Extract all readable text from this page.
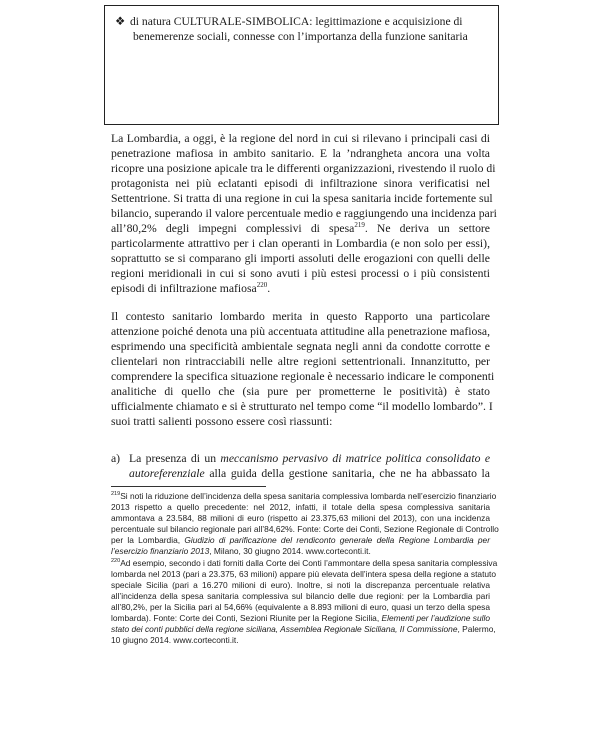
❖ di natura CULTURALE-SIMBOLICA: legittimazione e acquisizione di
benemerenze sociali, connesse con l’importanza della funzione sanitaria
La Lombardia, a oggi, è la regione del nord in cui si rilevano i principali casi di
penetrazione mafiosa in ambito sanitario. E la ’ndrangheta ancora una volta
ricopre una posizione apicale tra le differenti organizzazioni, rivestendo il ruolo di
protagonista nei più eclatanti episodi di infiltrazione sinora verificatisi nel
Settentrione. Si tratta di una regione in cui la spesa sanitaria incide fortemente sul
bilancio, superando il valore percentuale medio e raggiungendo una incidenza pari
all’80,2% degli impegni complessivi di spesa$^{219}$. Ne deriva un settore
particolarmente attrattivo per i clan operanti in Lombardia (e non solo per essi),
soprattutto se si comparano gli importi assoluti delle erogazioni con quelli delle
regioni meridionali in cui si sono avuti i più estesi processi o i più consistenti
episodi di infiltrazione mafiosa$^{220}$.
Il contesto sanitario lombardo merita in questo Rapporto una particolare
attenzione poiché denota una più accentuata attitudine alla penetrazione mafiosa,
esprimendo una specificità ambientale segnata negli anni da condotte corrotte e
clientelari non rintracciabili nelle altre regioni settentrionali. Innanzitutto, per
comprendere la specifica situazione regionale è necessario indicare le componenti
analitiche di quello che (sia pure per prometterne le positività) è stato
ufficialmente chiamato e si è strutturato nel tempo come “il modello lombardo”. I
suoi tratti salienti possono essere così riassunti:
a) La presenza di un meccanismo pervasivo di matrice politica consolidato e
autoreferenziale alla guida della gestione sanitaria, che ne ha abbassato la
$^{219}$Si noti la riduzione dell’incidenza della spesa sanitaria complessiva lombarda nell’esercizio finanziario
2013 rispetto a quello precedente: nel 2012, infatti, il totale della spesa complessiva sanitaria
ammontava a 23.584, 88 milioni di euro (rispetto ai 23.375,63 milioni del 2013), con una incidenza
percentuale sul bilancio regionale pari all’84,62%. Fonte: Corte dei Conti, Sezione Regionale di Controllo
per la Lombardia, Giudizio di parificazione del rendiconto generale della Regione Lombardia per
l’esercizio finanziario 2013, Milano, 30 giugno 2014. www.corteconti.it.
$^{220}$Ad esempio, secondo i dati forniti dalla Corte dei Conti l’ammontare della spesa sanitaria complessiva
lombarda nel 2013 (pari a 23.375, 63 milioni) appare più elevata dell’intera spesa della regione a statuto
speciale Sicilia (pari a 16.270 milioni di euro). Inoltre, si noti la discrepanza percentuale relativa
all’incidenza della spesa sanitaria complessiva sul bilancio delle due regioni: per la Lombardia pari
all’80,2%, per la Sicilia pari al 54,66% (equivalente a 8.893 milioni di euro, quasi un terzo della spesa
lombarda). Fonte: Corte dei Conti, Sezioni Riunite per la Regione Sicilia, Elementi per l’audizione sullo
stato dei conti pubblici della regione siciliana, Assemblea Regionale Siciliana, II Commissione, Palermo,
10 giugno 2014. www.corteconti.it.
